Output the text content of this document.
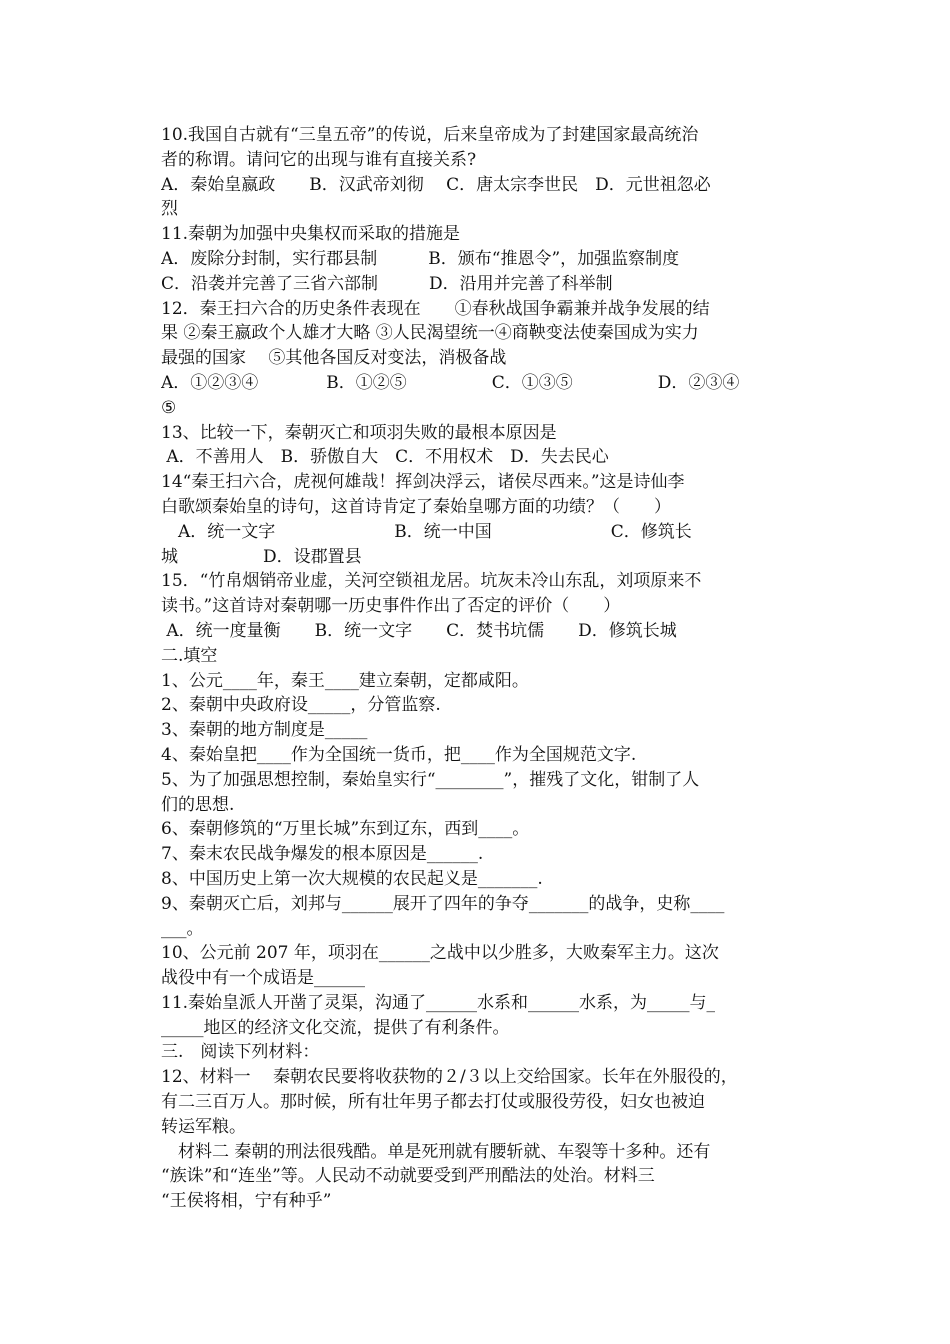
10.我国自古就有“三皇五帝”的传说，后来皇帝成为了封建国家最高统治
者的称谓。请问它的出现与谁有直接关系?
A．秦始皇嬴政　　B．汉武帝刘彻　 C．唐太宗李世民　D．元世祖忽必
烈
11.秦朝为加强中央集权而采取的措施是
A．废除分封制，实行郡县制　　　B．颁布“推恩令”，加强监察制度
C．沿袭并完善了三省六部制　　　D．沿用并完善了科举制
12．秦王扫六合的历史条件表现在　　①春秋战国争霸兼并战争发展的结
果 ②秦王嬴政个人雄才大略 ③人民渴望统一④商鞅变法使秦国成为实力
最强的国家　 ⑤其他各国反对变法，消极备战
A．①②③④　　　　B．①②⑤　　　　　C．①③⑤　　　　　D．②③④
⑤
13、比较一下，秦朝灭亡和项羽失败的最根本原因是
A．不善用人　B．骄傲自大　C．不用权术　D．失去民心
14“秦王扫六合，虎视何雄哉！挥剑决浮云，诸侯尽西来。”这是诗仙李
白歌颂秦始皇的诗句，这首诗肯定了秦始皇哪方面的功绩？（　　）
　A．统一文字　　　　　　　B．统一中国　　　　　　　C．修筑长
城　　　　　D．设郡置县
15．“竹帛烟销帝业虚，关河空锁祖龙居。坑灰未冷山东乱，刘项原来不
读书。”这首诗对秦朝哪一历史事件作出了否定的评价（　　）
A．统一度量衡　　B．统一文字　　C．焚书坑儒　　D．修筑长城
二.填空
1、公元____年，秦王____建立秦朝，定都咸阳。
2、秦朝中央政府设_____，分管监察.
3、秦朝的地方制度是_____
4、秦始皇把____作为全国统一货币，把____作为全国规范文字.
5、为了加强思想控制，秦始皇实行“________”，摧残了文化，钳制了人
们的思想.
6、秦朝修筑的“万里长城”东到辽东，西到____。
7、秦末农民战争爆发的根本原因是______.
8、中国历史上第一次大规模的农民起义是_______.
9、秦朝灭亡后，刘邦与______展开了四年的争夺_______的战争，史称____
___。
10、公元前 207 年，项羽在______之战中以少胜多，大败秦军主力。这次
战役中有一个成语是______
11.秦始皇派人开凿了灵渠，沟通了______水系和______水系，为_____与_
_____地区的经济文化交流，提供了有利条件。
三.　阅读下列材料：
12、材料一　 秦朝农民要将收获物的２/３以上交给国家。长年在外服役的，
有二三百万人。那时候，所有壮年男子都去打仗或服役劳役，妇女也被迫
转运军粮。
　材料二 秦朝的刑法很残酷。单是死刑就有腰斩就、车裂等十多种。还有
“族诛”和“连坐”等。人民动不动就要受到严刑酷法的处治。材料三
“王侯将相，宁有种乎”
